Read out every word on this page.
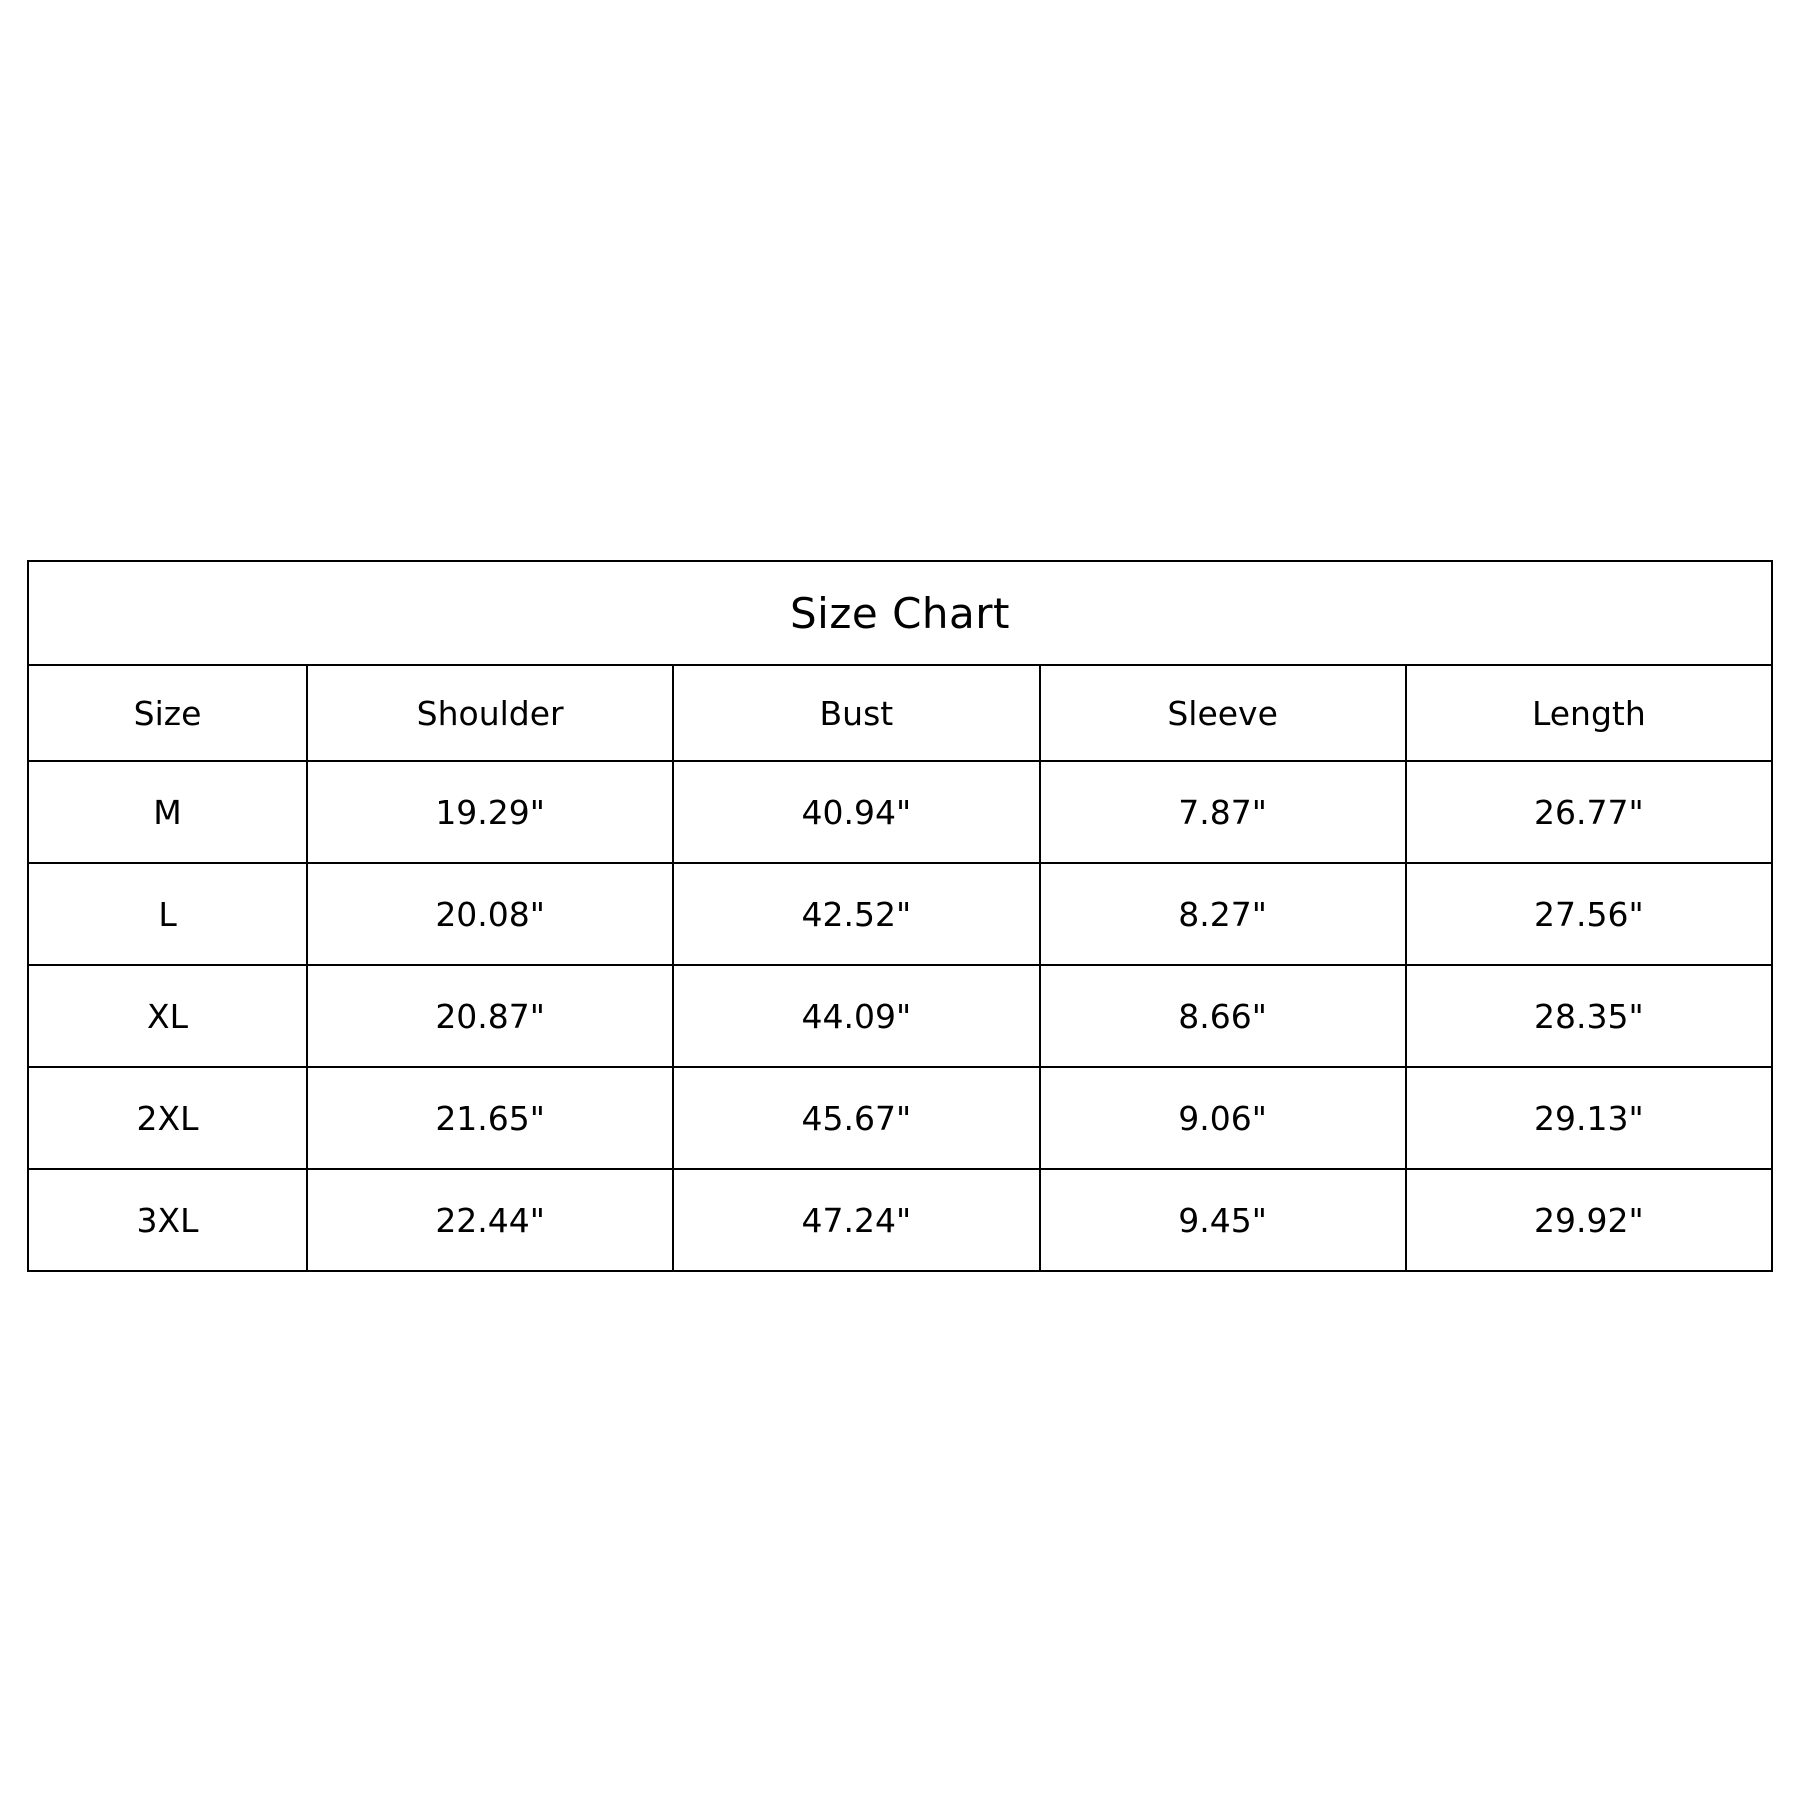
Size Chart				
Size	Shoulder	Bust	Sleeve	Length
M	19.29"	40.94"	7.87"	26.77"
L	20.08"	42.52"	8.27"	27.56"
XL	20.87"	44.09"	8.66"	28.35"
2XL	21.65"	45.67"	9.06"	29.13"
3XL	22.44"	47.24"	9.45"	29.92"
